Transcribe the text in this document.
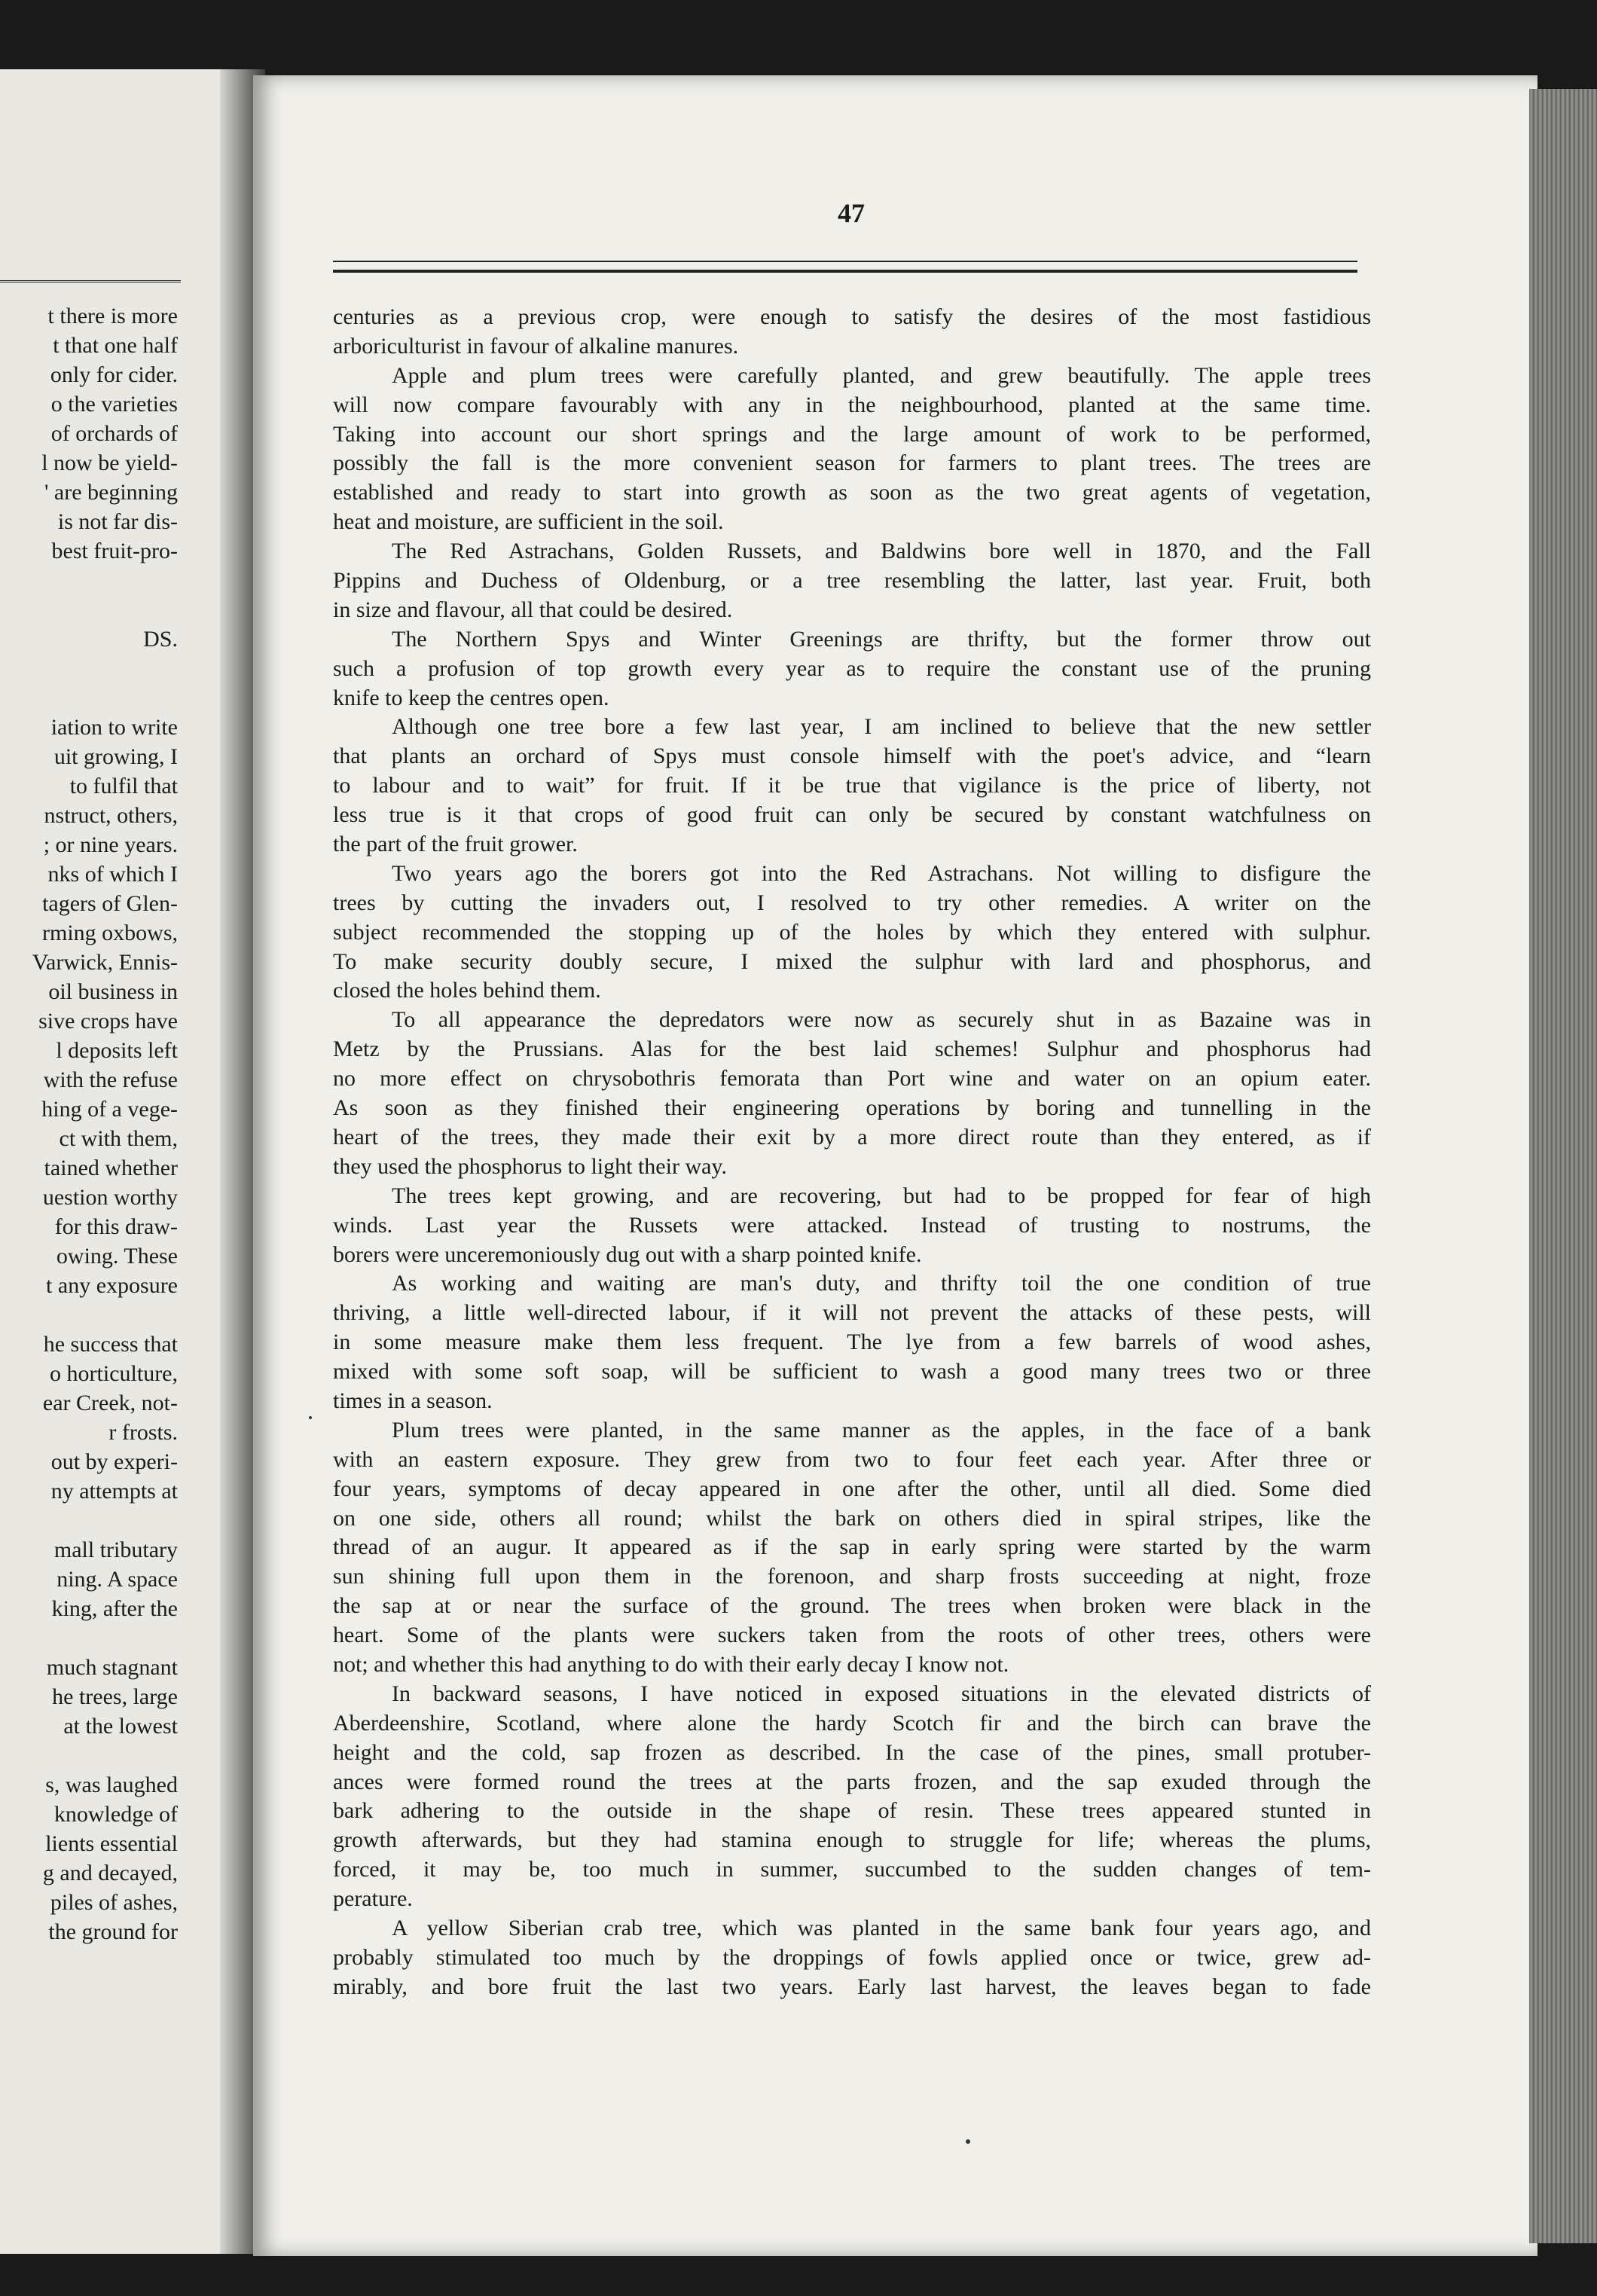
t there is more
t that one half
only for cider.
o the varieties
of orchards of
l now be yield-
' are beginning
is not far dis-
best fruit-pro-
DS.
iation to write
uit growing, I
to fulfil that
nstruct, others,
; or nine years.
nks of which I
tagers of Glen-
rming oxbows,
Varwick, Ennis-
oil business in
sive crops have
l deposits left
with the refuse
hing of a vege-
ct with them,
tained whether
uestion worthy
for this draw-
owing. These
t any exposure
he success that
o horticulture,
ear Creek, not-
r frosts.
out by experi-
ny attempts at
mall tributary
ning. A space
king, after the
much stagnant
he trees, large
at the lowest
s, was laughed
knowledge of
lients essential
g and decayed,
piles of ashes,
the ground for

47

centuries as a previous crop, were enough to satisfy the desires of the most fastidious
arboriculturist in favour of alkaline manures.
Apple and plum trees were carefully planted, and grew beautifully. The apple trees
will now compare favourably with any in the neighbourhood, planted at the same time.
Taking into account our short springs and the large amount of work to be performed,
possibly the fall is the more convenient season for farmers to plant trees. The trees are
established and ready to start into growth as soon as the two great agents of vegetation,
heat and moisture, are sufficient in the soil.
The Red Astrachans, Golden Russets, and Baldwins bore well in 1870, and the Fall
Pippins and Duchess of Oldenburg, or a tree resembling the latter, last year. Fruit, both
in size and flavour, all that could be desired.
The Northern Spys and Winter Greenings are thrifty, but the former throw out
such a profusion of top growth every year as to require the constant use of the pruning
knife to keep the centres open.
Although one tree bore a few last year, I am inclined to believe that the new settler
that plants an orchard of Spys must console himself with the poet's advice, and “learn
to labour and to wait” for fruit. If it be true that vigilance is the price of liberty, not
less true is it that crops of good fruit can only be secured by constant watchfulness on
the part of the fruit grower.
Two years ago the borers got into the Red Astrachans. Not willing to disfigure the
trees by cutting the invaders out, I resolved to try other remedies. A writer on the
subject recommended the stopping up of the holes by which they entered with sulphur.
To make security doubly secure, I mixed the sulphur with lard and phosphorus, and
closed the holes behind them.
To all appearance the depredators were now as securely shut in as Bazaine was in
Metz by the Prussians. Alas for the best laid schemes! Sulphur and phosphorus had
no more effect on chrysobothris femorata than Port wine and water on an opium eater.
As soon as they finished their engineering operations by boring and tunnelling in the
heart of the trees, they made their exit by a more direct route than they entered, as if
they used the phosphorus to light their way.
The trees kept growing, and are recovering, but had to be propped for fear of high
winds. Last year the Russets were attacked. Instead of trusting to nostrums, the
borers were unceremoniously dug out with a sharp pointed knife.
As working and waiting are man's duty, and thrifty toil the one condition of true
thriving, a little well-directed labour, if it will not prevent the attacks of these pests, will
in some measure make them less frequent. The lye from a few barrels of wood ashes,
mixed with some soft soap, will be sufficient to wash a good many trees two or three
times in a season.
Plum trees were planted, in the same manner as the apples, in the face of a bank
with an eastern exposure. They grew from two to four feet each year. After three or
four years, symptoms of decay appeared in one after the other, until all died. Some died
on one side, others all round; whilst the bark on others died in spiral stripes, like the
thread of an augur. It appeared as if the sap in early spring were started by the warm
sun shining full upon them in the forenoon, and sharp frosts succeeding at night, froze
the sap at or near the surface of the ground. The trees when broken were black in the
heart. Some of the plants were suckers taken from the roots of other trees, others were
not; and whether this had anything to do with their early decay I know not.
In backward seasons, I have noticed in exposed situations in the elevated districts of
Aberdeenshire, Scotland, where alone the hardy Scotch fir and the birch can brave the
height and the cold, sap frozen as described. In the case of the pines, small protuber-
ances were formed round the trees at the parts frozen, and the sap exuded through the
bark adhering to the outside in the shape of resin. These trees appeared stunted in
growth afterwards, but they had stamina enough to struggle for life; whereas the plums,
forced, it may be, too much in summer, succumbed to the sudden changes of tem-
perature.
A yellow Siberian crab tree, which was planted in the same bank four years ago, and
probably stimulated too much by the droppings of fowls applied once or twice, grew ad-
mirably, and bore fruit the last two years. Early last harvest, the leaves began to fade
